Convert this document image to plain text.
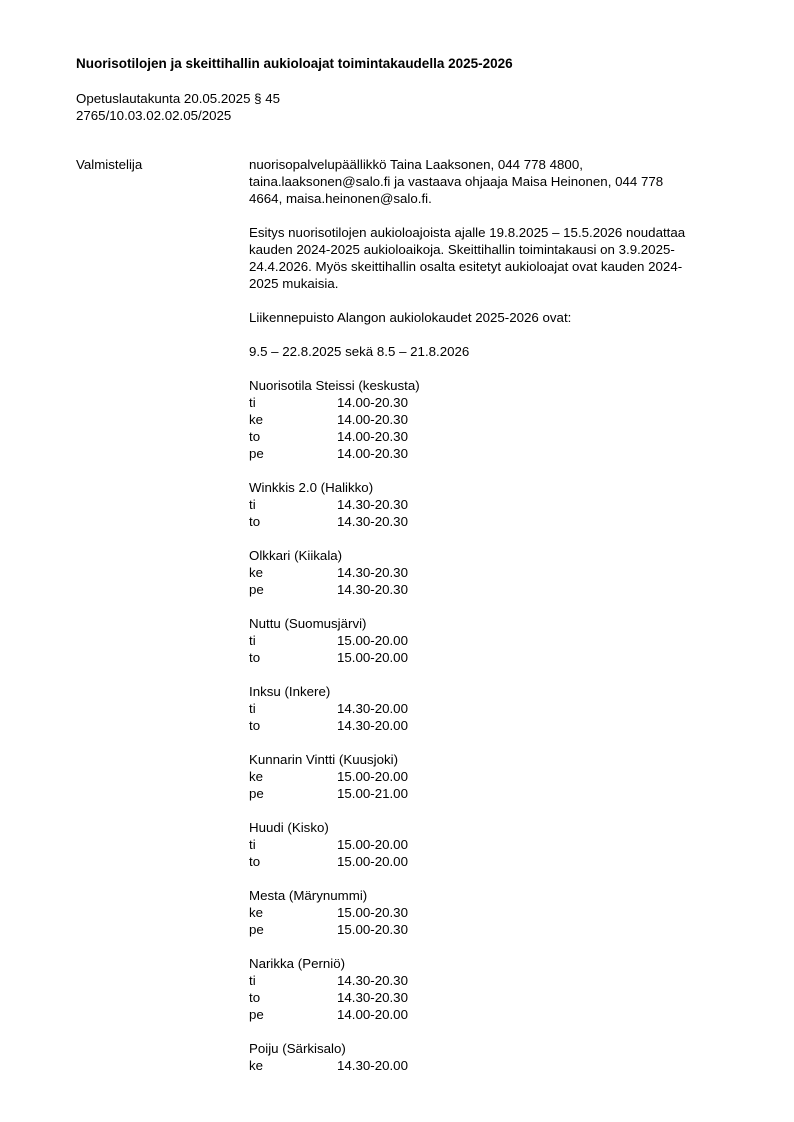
Nuorisotilojen ja skeittihallin aukioloajat toimintakaudella 2025-2026
Opetuslautakunta 20.05.2025 § 45
2765/10.03.02.02.05/2025
Valmistelija	nuorisopalvelupäällikkö Taina Laaksonen, 044 778 4800,
taina.laaksonen@salo.fi ja vastaava ohjaaja Maisa Heinonen, 044 778
4664, maisa.heinonen@salo.fi.
Esitys nuorisotilojen aukioloajoista ajalle 19.8.2025 – 15.5.2026 noudattaa
kauden 2024-2025 aukioloaikoja. Skeittihallin toimintakausi on 3.9.2025-
24.4.2026. Myös skeittihallin osalta esitetyt aukioloajat ovat kauden 2024-
2025 mukaisia.

Liikennepuisto Alangon aukiolokaudet 2025-2026 ovat:

9.5 – 22.8.2025 sekä 8.5 – 21.8.2026

Nuorisotila Steissi (keskusta)
ti	14.00-20.30
ke	14.00-20.30
to	14.00-20.30
pe	14.00-20.30
Winkkis 2.0 (Halikko)
ti	14.30-20.30
to	14.30-20.30
Olkkari (Kiikala)
ke	14.30-20.30
pe	14.30-20.30
Nuttu (Suomusjärvi)
ti	15.00-20.00
to	15.00-20.00
Inksu (Inkere)
ti	14.30-20.00
to	14.30-20.00
Kunnarin Vintti (Kuusjoki)
ke	15.00-20.00
pe	15.00-21.00
Huudi (Kisko)
ti	15.00-20.00
to	15.00-20.00
Mesta (Märynummi)
ke	15.00-20.30
pe	15.00-20.30
Narikka (Perniö)
ti	14.30-20.30
to	14.30-20.30
pe	14.00-20.00
Poiju (Särkisalo)
ke	14.30-20.00
